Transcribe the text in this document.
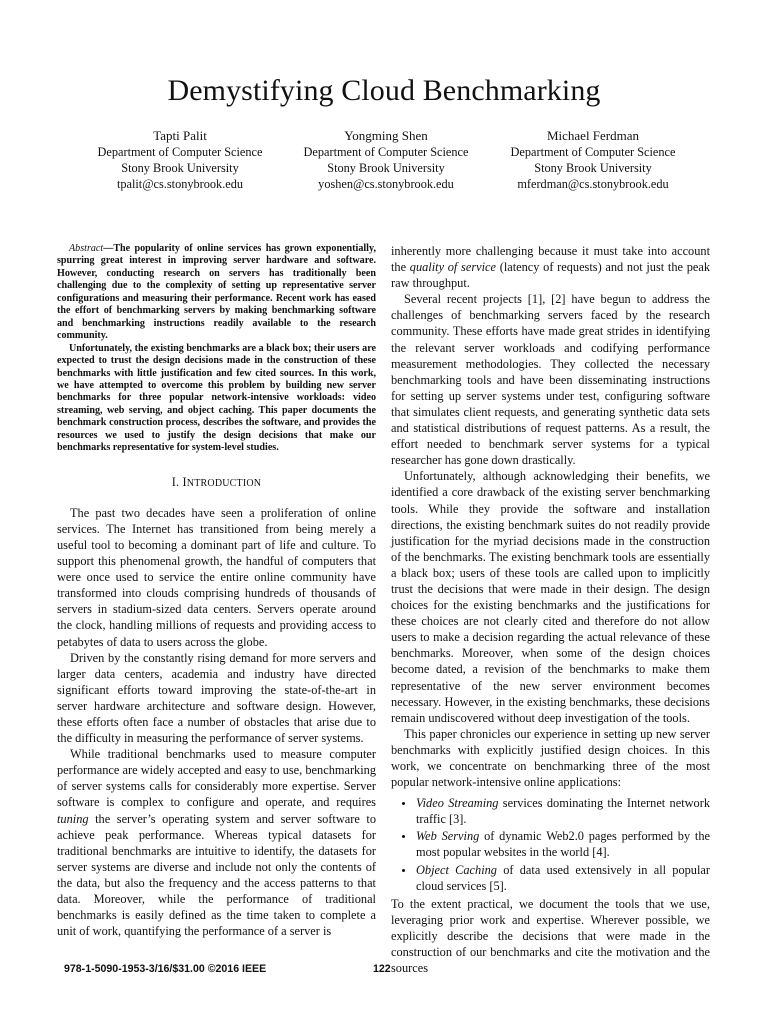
Demystifying Cloud Benchmarking
Tapti Palit
Department of Computer Science
Stony Brook University
tpalit@cs.stonybrook.edu
Yongming Shen
Department of Computer Science
Stony Brook University
yoshen@cs.stonybrook.edu
Michael Ferdman
Department of Computer Science
Stony Brook University
mferdman@cs.stonybrook.edu

Abstract—The popularity of online services has grown exponentially, spurring great interest in improving server hardware and software. However, conducting research on servers has traditionally been challenging due to the complexity of setting up representative server configurations and measuring their performance. Recent work has eased the effort of benchmarking servers by making benchmarking software and benchmarking instructions readily available to the research community.

Unfortunately, the existing benchmarks are a black box; their users are expected to trust the design decisions made in the construction of these benchmarks with little justification and few cited sources. In this work, we have attempted to overcome this problem by building new server benchmarks for three popular network-intensive workloads: video streaming, web serving, and object caching. This paper documents the benchmark construction process, describes the software, and provides the resources we used to justify the design decisions that make our benchmarks representative for system-level studies.

I. INTRODUCTION

The past two decades have seen a proliferation of online services. The Internet has transitioned from being merely a useful tool to becoming a dominant part of life and culture. To support this phenomenal growth, the handful of computers that were once used to service the entire online community have transformed into clouds comprising hundreds of thousands of servers in stadium-sized data centers. Servers operate around the clock, handling millions of requests and providing access to petabytes of data to users across the globe.

Driven by the constantly rising demand for more servers and larger data centers, academia and industry have directed significant efforts toward improving the state-of-the-art in server hardware architecture and software design. However, these efforts often face a number of obstacles that arise due to the difficulty in measuring the performance of server systems.

While traditional benchmarks used to measure computer performance are widely accepted and easy to use, benchmarking of server systems calls for considerably more expertise. Server software is complex to configure and operate, and requires tuning the server’s operating system and server software to achieve peak performance. Whereas typical datasets for traditional benchmarks are intuitive to identify, the datasets for server systems are diverse and include not only the contents of the data, but also the frequency and the access patterns to that data. Moreover, while the performance of traditional benchmarks is easily defined as the time taken to complete a unit of work, quantifying the performance of a server is

inherently more challenging because it must take into account the quality of service (latency of requests) and not just the peak raw throughput.

Several recent projects [1], [2] have begun to address the challenges of benchmarking servers faced by the research community. These efforts have made great strides in identifying the relevant server workloads and codifying performance measurement methodologies. They collected the necessary benchmarking tools and have been disseminating instructions for setting up server systems under test, configuring software that simulates client requests, and generating synthetic data sets and statistical distributions of request patterns. As a result, the effort needed to benchmark server systems for a typical researcher has gone down drastically.

Unfortunately, although acknowledging their benefits, we identified a core drawback of the existing server benchmarking tools. While they provide the software and installation directions, the existing benchmark suites do not readily provide justification for the myriad decisions made in the construction of the benchmarks. The existing benchmark tools are essentially a black box; users of these tools are called upon to implicitly trust the decisions that were made in their design. The design choices for the existing benchmarks and the justifications for these choices are not clearly cited and therefore do not allow users to make a decision regarding the actual relevance of these benchmarks. Moreover, when some of the design choices become dated, a revision of the benchmarks to make them representative of the new server environment becomes necessary. However, in the existing benchmarks, these decisions remain undiscovered without deep investigation of the tools.

This paper chronicles our experience in setting up new server benchmarks with explicitly justified design choices. In this work, we concentrate on benchmarking three of the most popular network-intensive online applications:

• Video Streaming services dominating the Internet network traffic [3].
• Web Serving of dynamic Web2.0 pages performed by the most popular websites in the world [4].
• Object Caching of data used extensively in all popular cloud services [5].

To the extent practical, we document the tools that we use, leveraging prior work and expertise. Wherever possible, we explicitly describe the decisions that were made in the construction of our benchmarks and cite the motivation and the sources

978-1-5090-1953-3/16/$31.00 ©2016 IEEE	122
